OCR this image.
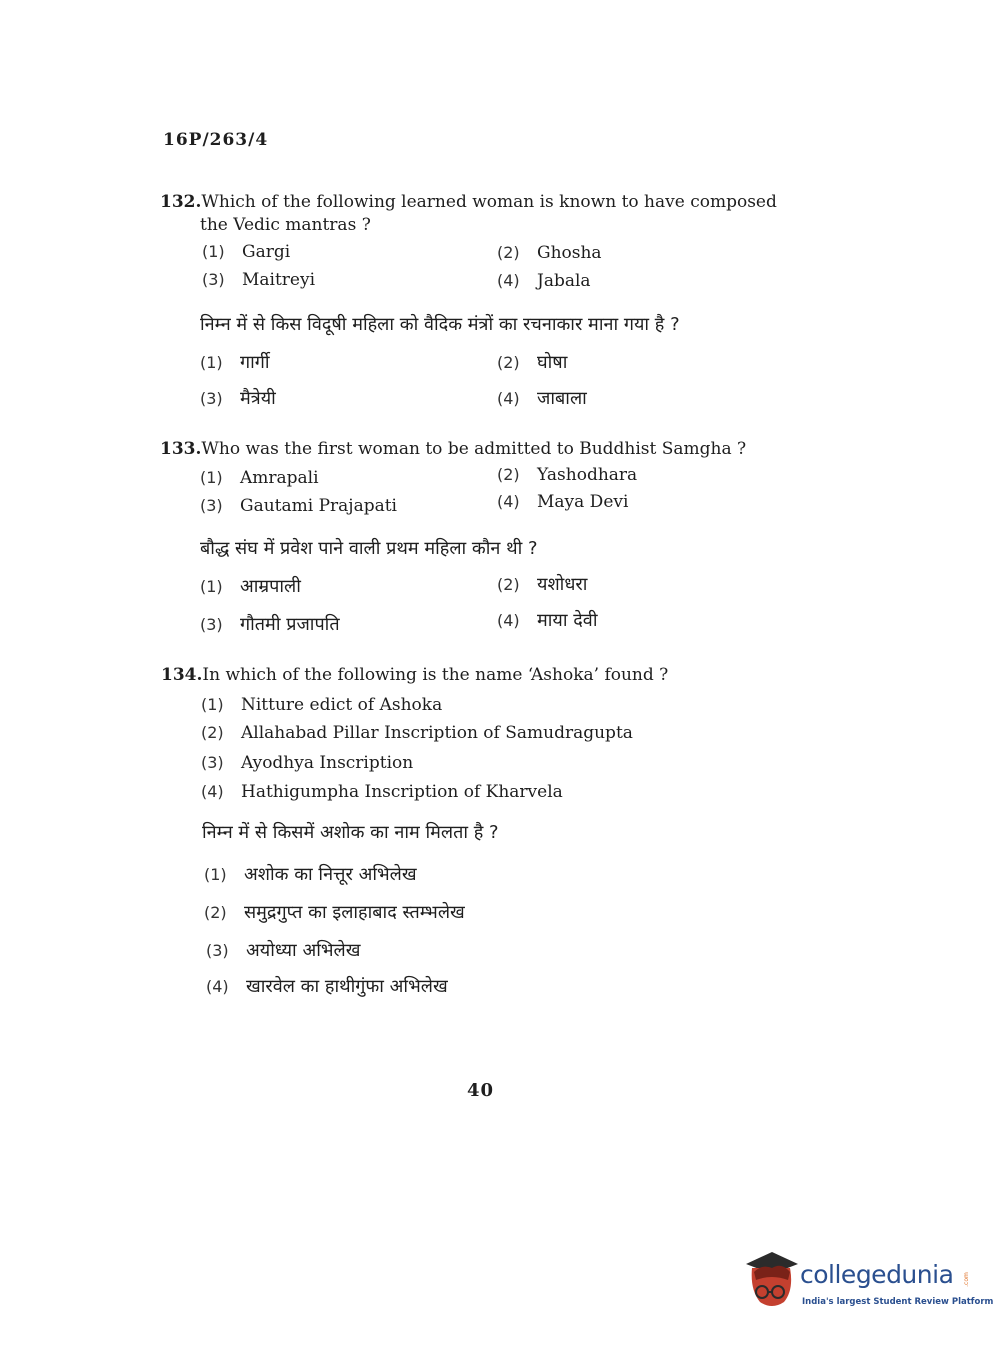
16P/263/4
132.Which of the following learned woman is known to have composed
the Vedic mantras ?
(1) Gargi	(2) Ghosha
(3) Maitreyi	(4) Jabala
निम्न में से किस विदूषी महिला को वैदिक मंत्रों का रचनाकार माना गया है ?
(1) गार्गी	(2) घोषा
(3) मैत्रेयी	(4) जाबाला
133.Who was the first woman to be admitted to Buddhist Samgha ?
(1) Amrapali	(2) Yashodhara
(3) Gautami Prajapati	(4) Maya Devi
बौद्ध संघ में प्रवेश पाने वाली प्रथम महिला कौन थी ?
(1) आम्रपाली	(2) यशोधरा
(3) गौतमी प्रजापति	(4) माया देवी
134.In which of the following is the name ‘Ashoka’ found ?
(1) Nitture edict of Ashoka
(2) Allahabad Pillar Inscription of Samudragupta
(3) Ayodhya Inscription
(4) Hathigumpha Inscription of Kharvela
निम्न में से किसमें अशोक का नाम मिलता है ?
(1) अशोक का नित्तूर अभिलेख
(2) समुद्रगुप्त का इलाहाबाद स्तम्भलेख
(3) अयोध्या अभिलेख
(4) खारवेल का हाथीगुंफा अभिलेख
40
collegedunia .com
India's largest Student Review Platform
